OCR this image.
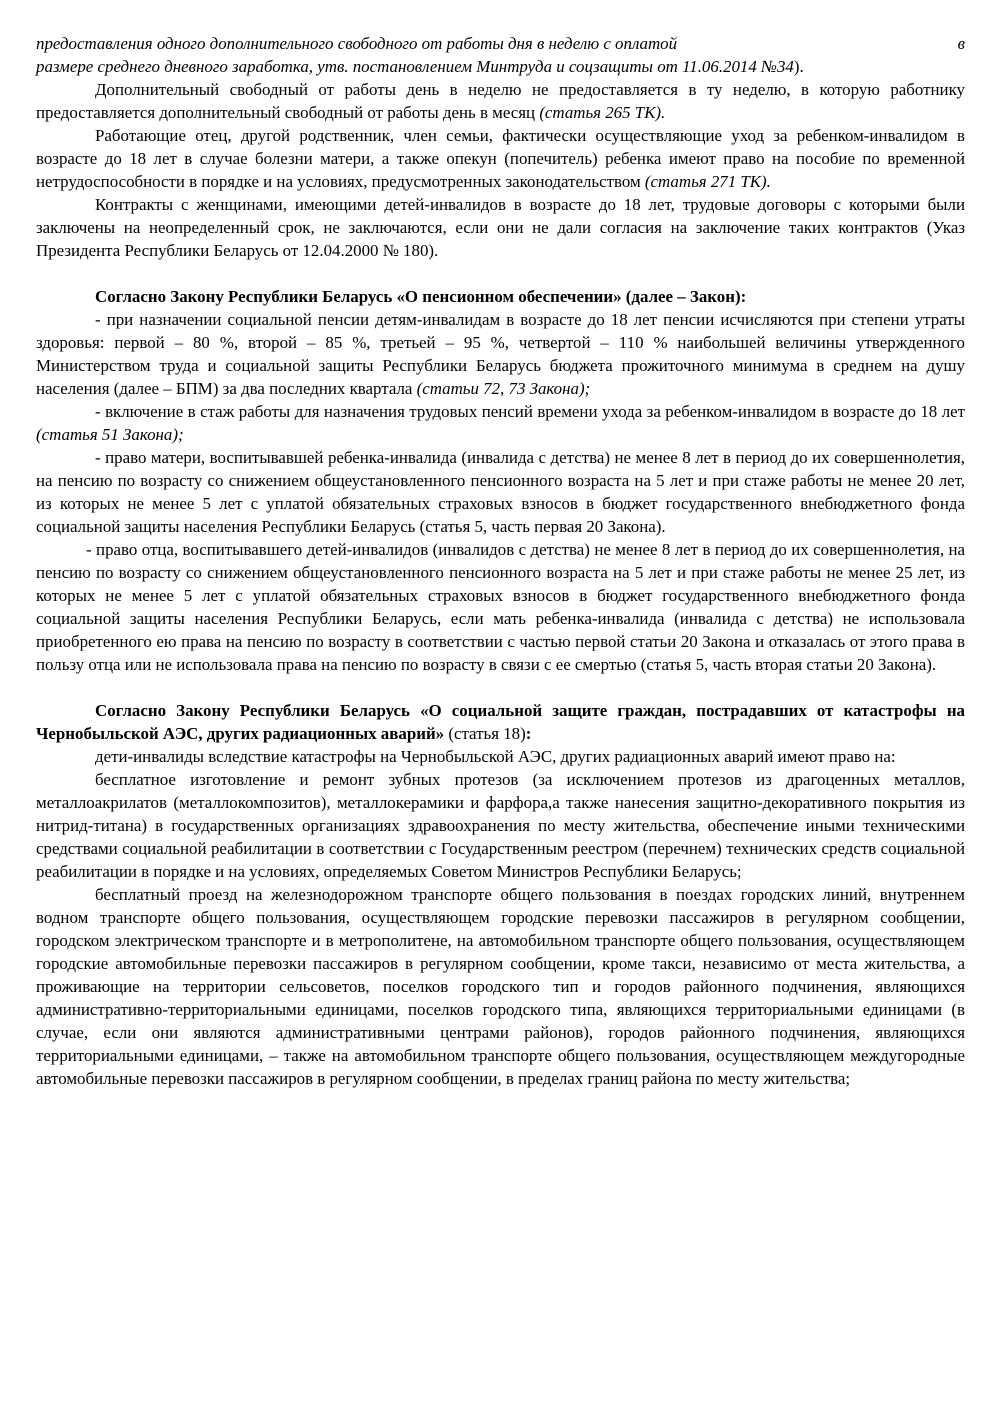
предоставления одного дополнительного свободного от работы дня в неделю с оплатой	в

размере среднего дневного заработка, утв. постановлением Минтруда и соцзащиты от 11.06.2014 №34).

Дополнительный свободный от работы день в неделю не предоставляется в ту неделю, в которую работнику предоставляется дополнительный свободный от работы день в месяц (статья 265 ТК).

Работающие отец, другой родственник, член семьи, фактически осуществляющие уход за ребенком-инвалидом в возрасте до 18 лет в случае болезни матери, а также опекун (попечитель) ребенка имеют право на пособие по временной нетрудоспособности в порядке и на условиях, предусмотренных законодательством (статья 271 ТК).

Контракты с женщинами, имеющими детей-инвалидов в возрасте до 18 лет, трудовые договоры с которыми были заключены на неопределенный срок, не заключаются, если они не дали согласия на заключение таких контрактов (Указ Президента Республики Беларусь от 12.04.2000 № 180).

Согласно Закону Республики Беларусь «О пенсионном обеспечении» (далее – Закон):

- при назначении социальной пенсии детям-инвалидам в возрасте до 18 лет пенсии исчисляются при степени утраты здоровья: первой – 80 %, второй – 85 %, третьей – 95 %, четвертой – 110 % наибольшей величины утвержденного Министерством труда и социальной защиты Республики Беларусь бюджета прожиточного минимума в среднем на душу населения (далее – БПМ) за два последних квартала (статьи 72, 73 Закона);

- включение в стаж работы для назначения трудовых пенсий времени ухода за ребенком-инвалидом в возрасте до 18 лет (статья 51 Закона);

- право матери, воспитывавшей ребенка-инвалида (инвалида с детства) не менее 8 лет в период до их совершеннолетия, на пенсию по возрасту со снижением общеустановленного пенсионного возраста на 5 лет и при стаже работы не менее 20 лет, из которых не менее 5 лет с уплатой обязательных страховых взносов в бюджет государственного внебюджетного фонда социальной защиты населения Республики Беларусь (статья 5, часть первая 20 Закона).

- право отца, воспитывавшего детей-инвалидов (инвалидов с детства) не менее 8 лет в период до их совершеннолетия, на пенсию по возрасту со снижением общеустановленного пенсионного возраста на 5 лет и при стаже работы не менее 25 лет, из которых не менее 5 лет с уплатой обязательных страховых взносов в бюджет государственного внебюджетного фонда социальной защиты населения Республики Беларусь, если мать ребенка-инвалида (инвалида с детства) не использовала приобретенного ею права на пенсию по возрасту в соответствии с частью первой статьи 20 Закона и отказалась от этого права в пользу отца или не использовала права на пенсию по возрасту в связи с ее смертью (статья 5, часть вторая статьи 20 Закона).

Согласно Закону Республики Беларусь «О социальной защите граждан, пострадавших от катастрофы на Чернобыльской АЭС, других радиационных аварий» (статья 18):

дети-инвалиды вследствие катастрофы на Чернобыльской АЭС, других радиационных аварий имеют право на:

бесплатное изготовление и ремонт зубных протезов (за исключением протезов из драгоценных металлов, металлоакрилатов (металлокомпозитов), металлокерамики и фарфора,а также нанесения защитно-декоративного покрытия из нитрид-титана) в государственных организациях здравоохранения по месту жительства, обеспечение иными техническими средствами социальной реабилитации в соответствии с Государственным реестром (перечнем) технических средств социальной реабилитации в порядке и на условиях, определяемых Советом Министров Республики Беларусь;

бесплатный проезд на железнодорожном транспорте общего пользования в поездах городских линий, внутреннем водном транспорте общего пользования, осуществляющем городские перевозки пассажиров в регулярном сообщении, городском электрическом транспорте и в метрополитене, на автомобильном транспорте общего пользования, осуществляющем городские автомобильные перевозки пассажиров в регулярном сообщении, кроме такси, независимо от места жительства, а проживающие на территории сельсоветов, поселков городского тип и городов районного подчинения, являющихся административно-территориальными единицами, поселков городского типа, являющихся территориальными единицами (в случае, если они являются административными центрами районов), городов районного подчинения, являющихся территориальными единицами, – также на автомобильном транспорте общего пользования, осуществляющем междугородные автомобильные перевозки пассажиров в регулярном сообщении, в пределах границ района по месту жительства;
